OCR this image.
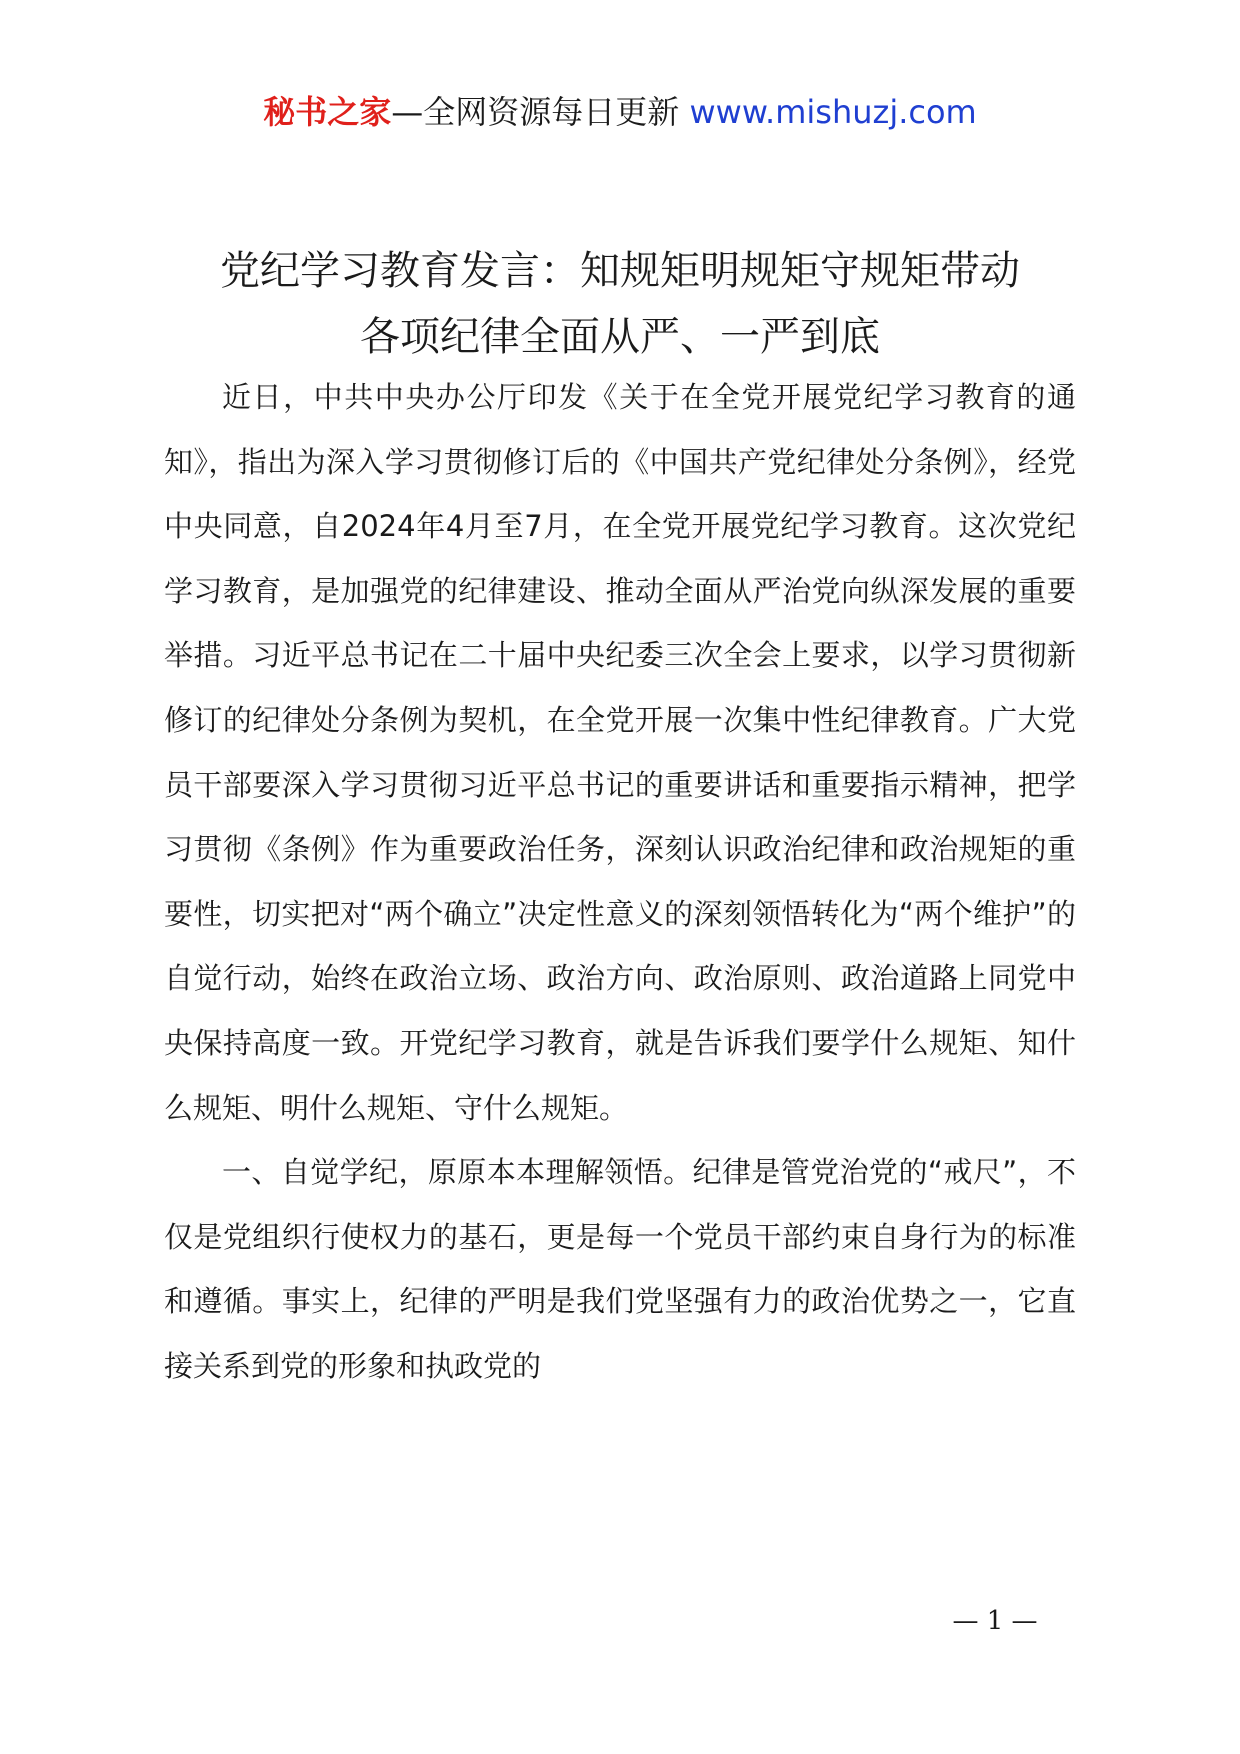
秘书之家—全网资源每日更新 www.mishuzj.com
党纪学习教育发言：知规矩明规矩守规矩带动
各项纪律全面从严、一严到底

近日，中共中央办公厅印发《关于在全党开展党纪学习教育的通知》，指出为深入学习贯彻修订后的《中国共产党纪律处分条例》，经党中央同意，自2024年4月至7月，在全党开展党纪学习教育。这次党纪学习教育，是加强党的纪律建设、推动全面从严治党向纵深发展的重要举措。习近平总书记在二十届中央纪委三次全会上要求，以学习贯彻新修订的纪律处分条例为契机，在全党开展一次集中性纪律教育。广大党员干部要深入学习贯彻习近平总书记的重要讲话和重要指示精神，把学习贯彻《条例》作为重要政治任务，深刻认识政治纪律和政治规矩的重要性，切实把对“两个确立”决定性意义的深刻领悟转化为“两个维护”的自觉行动，始终在政治立场、政治方向、政治原则、政治道路上同党中央保持高度一致。开党纪学习教育，就是告诉我们要学什么规矩、知什么规矩、明什么规矩、守什么规矩。

一、自觉学纪，原原本本理解领悟。纪律是管党治党的“戒尺”，不仅是党组织行使权力的基石，更是每一个党员干部约束自身行为的标准和遵循。事实上，纪律的严明是我们党坚强有力的政治优势之一，它直接关系到党的形象和执政党的

— 1 —
